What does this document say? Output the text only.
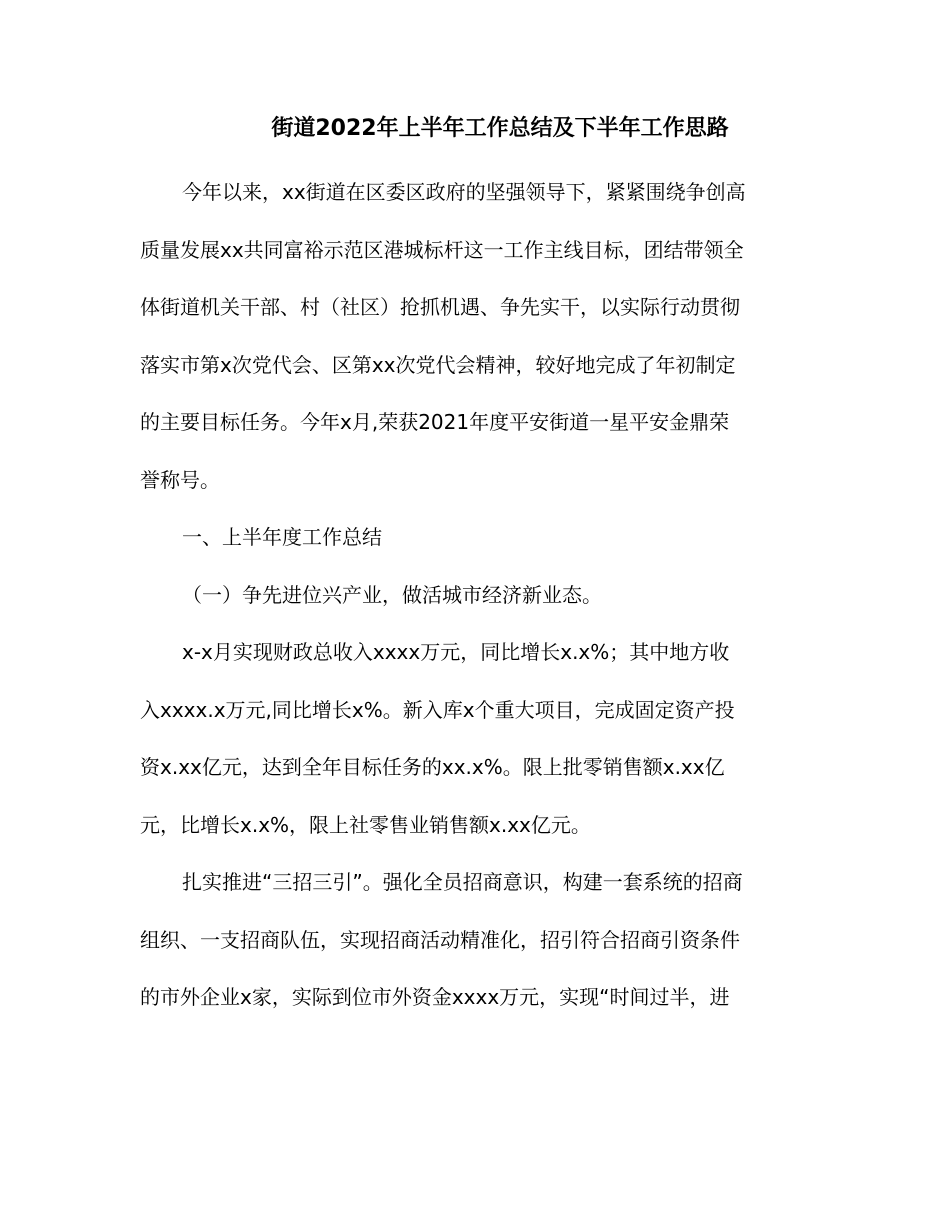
街道2022年上半年工作总结及下半年工作思路
今年以来，xx街道在区委区政府的坚强领导下，紧紧围绕争创高
质量发展xx共同富裕示范区港城标杆这一工作主线目标，团结带领全
体街道机关干部、村（社区）抢抓机遇、争先实干，以实际行动贯彻
落实市第x次党代会、区第xx次党代会精神，较好地完成了年初制定
的主要目标任务。今年x月,荣获2021年度平安街道一星平安金鼎荣
誉称号。
一、上半年度工作总结
（一）争先进位兴产业，做活城市经济新业态。
x-x月实现财政总收入xxxx万元，同比增长x.x%；其中地方收
入xxxx.x万元,同比增长x%。新入库x个重大项目，完成固定资产投
资x.xx亿元，达到全年目标任务的xx.x%。限上批零销售额x.xx亿
元，比增长x.x%，限上社零售业销售额x.xx亿元。
扎实推进“三招三引”。强化全员招商意识，构建一套系统的招商
组织、一支招商队伍，实现招商活动精准化，招引符合招商引资条件
的市外企业x家，实际到位市外资金xxxx万元，实现“时间过半，进
